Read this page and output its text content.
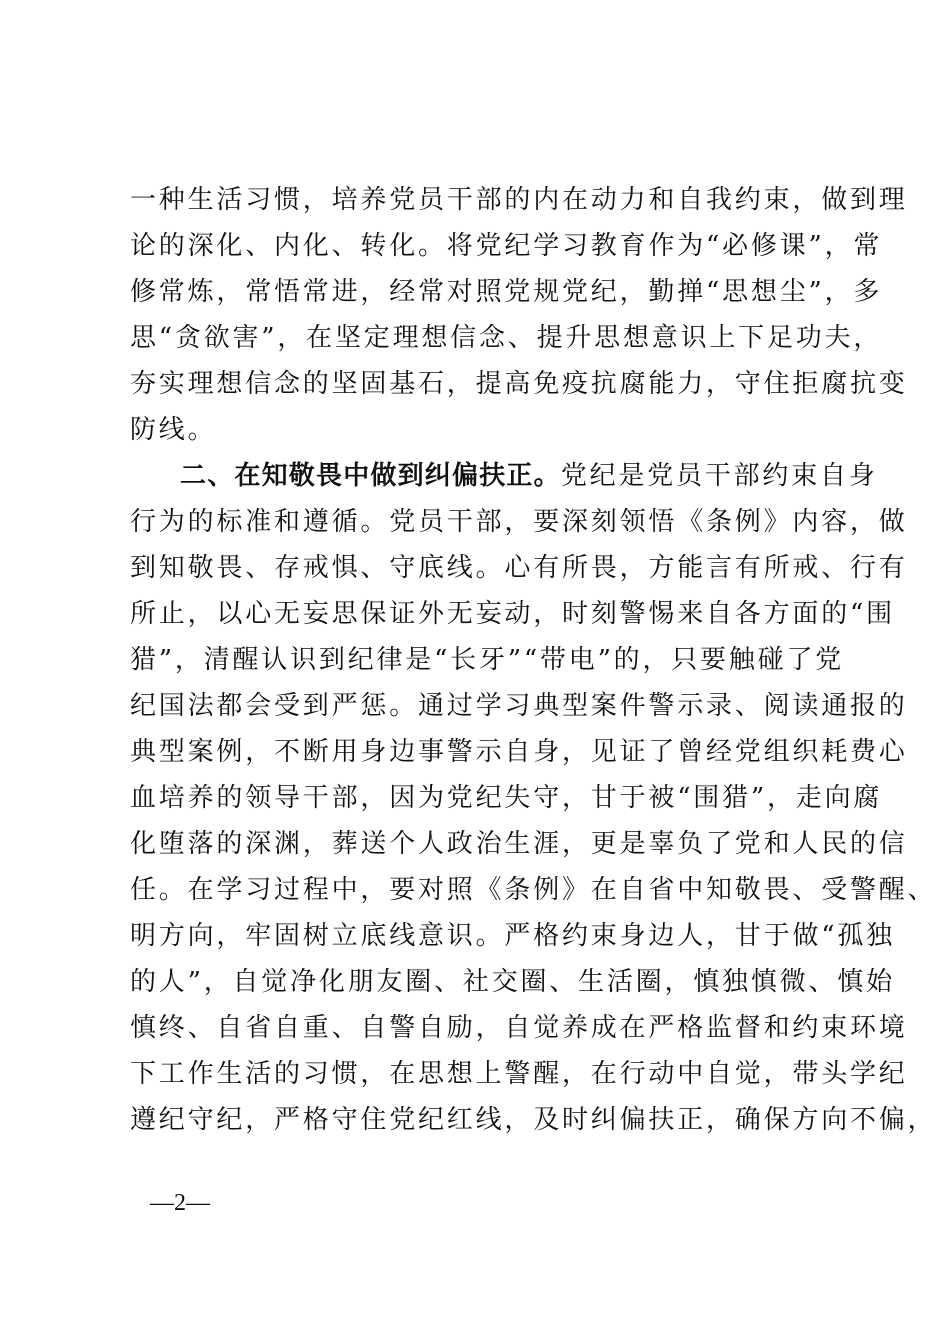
一种生活习惯，培养党员干部的内在动力和自我约束，做到理
论的深化、内化、转化。将党纪学习教育作为“必修课”，常
修常炼，常悟常进，经常对照党规党纪，勤掸“思想尘”，多
思“贪欲害”，在坚定理想信念、提升思想意识上下足功夫，
夯实理想信念的坚固基石，提高免疫抗腐能力，守住拒腐抗变
防线。
二、在知敬畏中做到纠偏扶正。党纪是党员干部约束自身
行为的标准和遵循。党员干部，要深刻领悟《条例》内容，做
到知敬畏、存戒惧、守底线。心有所畏，方能言有所戒、行有
所止，以心无妄思保证外无妄动，时刻警惕来自各方面的“围
猎”，清醒认识到纪律是“长牙”“带电”的，只要触碰了党
纪国法都会受到严惩。通过学习典型案件警示录、阅读通报的
典型案例，不断用身边事警示自身，见证了曾经党组织耗费心
血培养的领导干部，因为党纪失守，甘于被“围猎”，走向腐
化堕落的深渊，葬送个人政治生涯，更是辜负了党和人民的信
任。在学习过程中，要对照《条例》在自省中知敬畏、受警醒、
明方向，牢固树立底线意识。严格约束身边人，甘于做“孤独
的人”，自觉净化朋友圈、社交圈、生活圈，慎独慎微、慎始
慎终、自省自重、自警自励，自觉养成在严格监督和约束环境
下工作生活的习惯，在思想上警醒，在行动中自觉，带头学纪
遵纪守纪，严格守住党纪红线，及时纠偏扶正，确保方向不偏，
—2—
